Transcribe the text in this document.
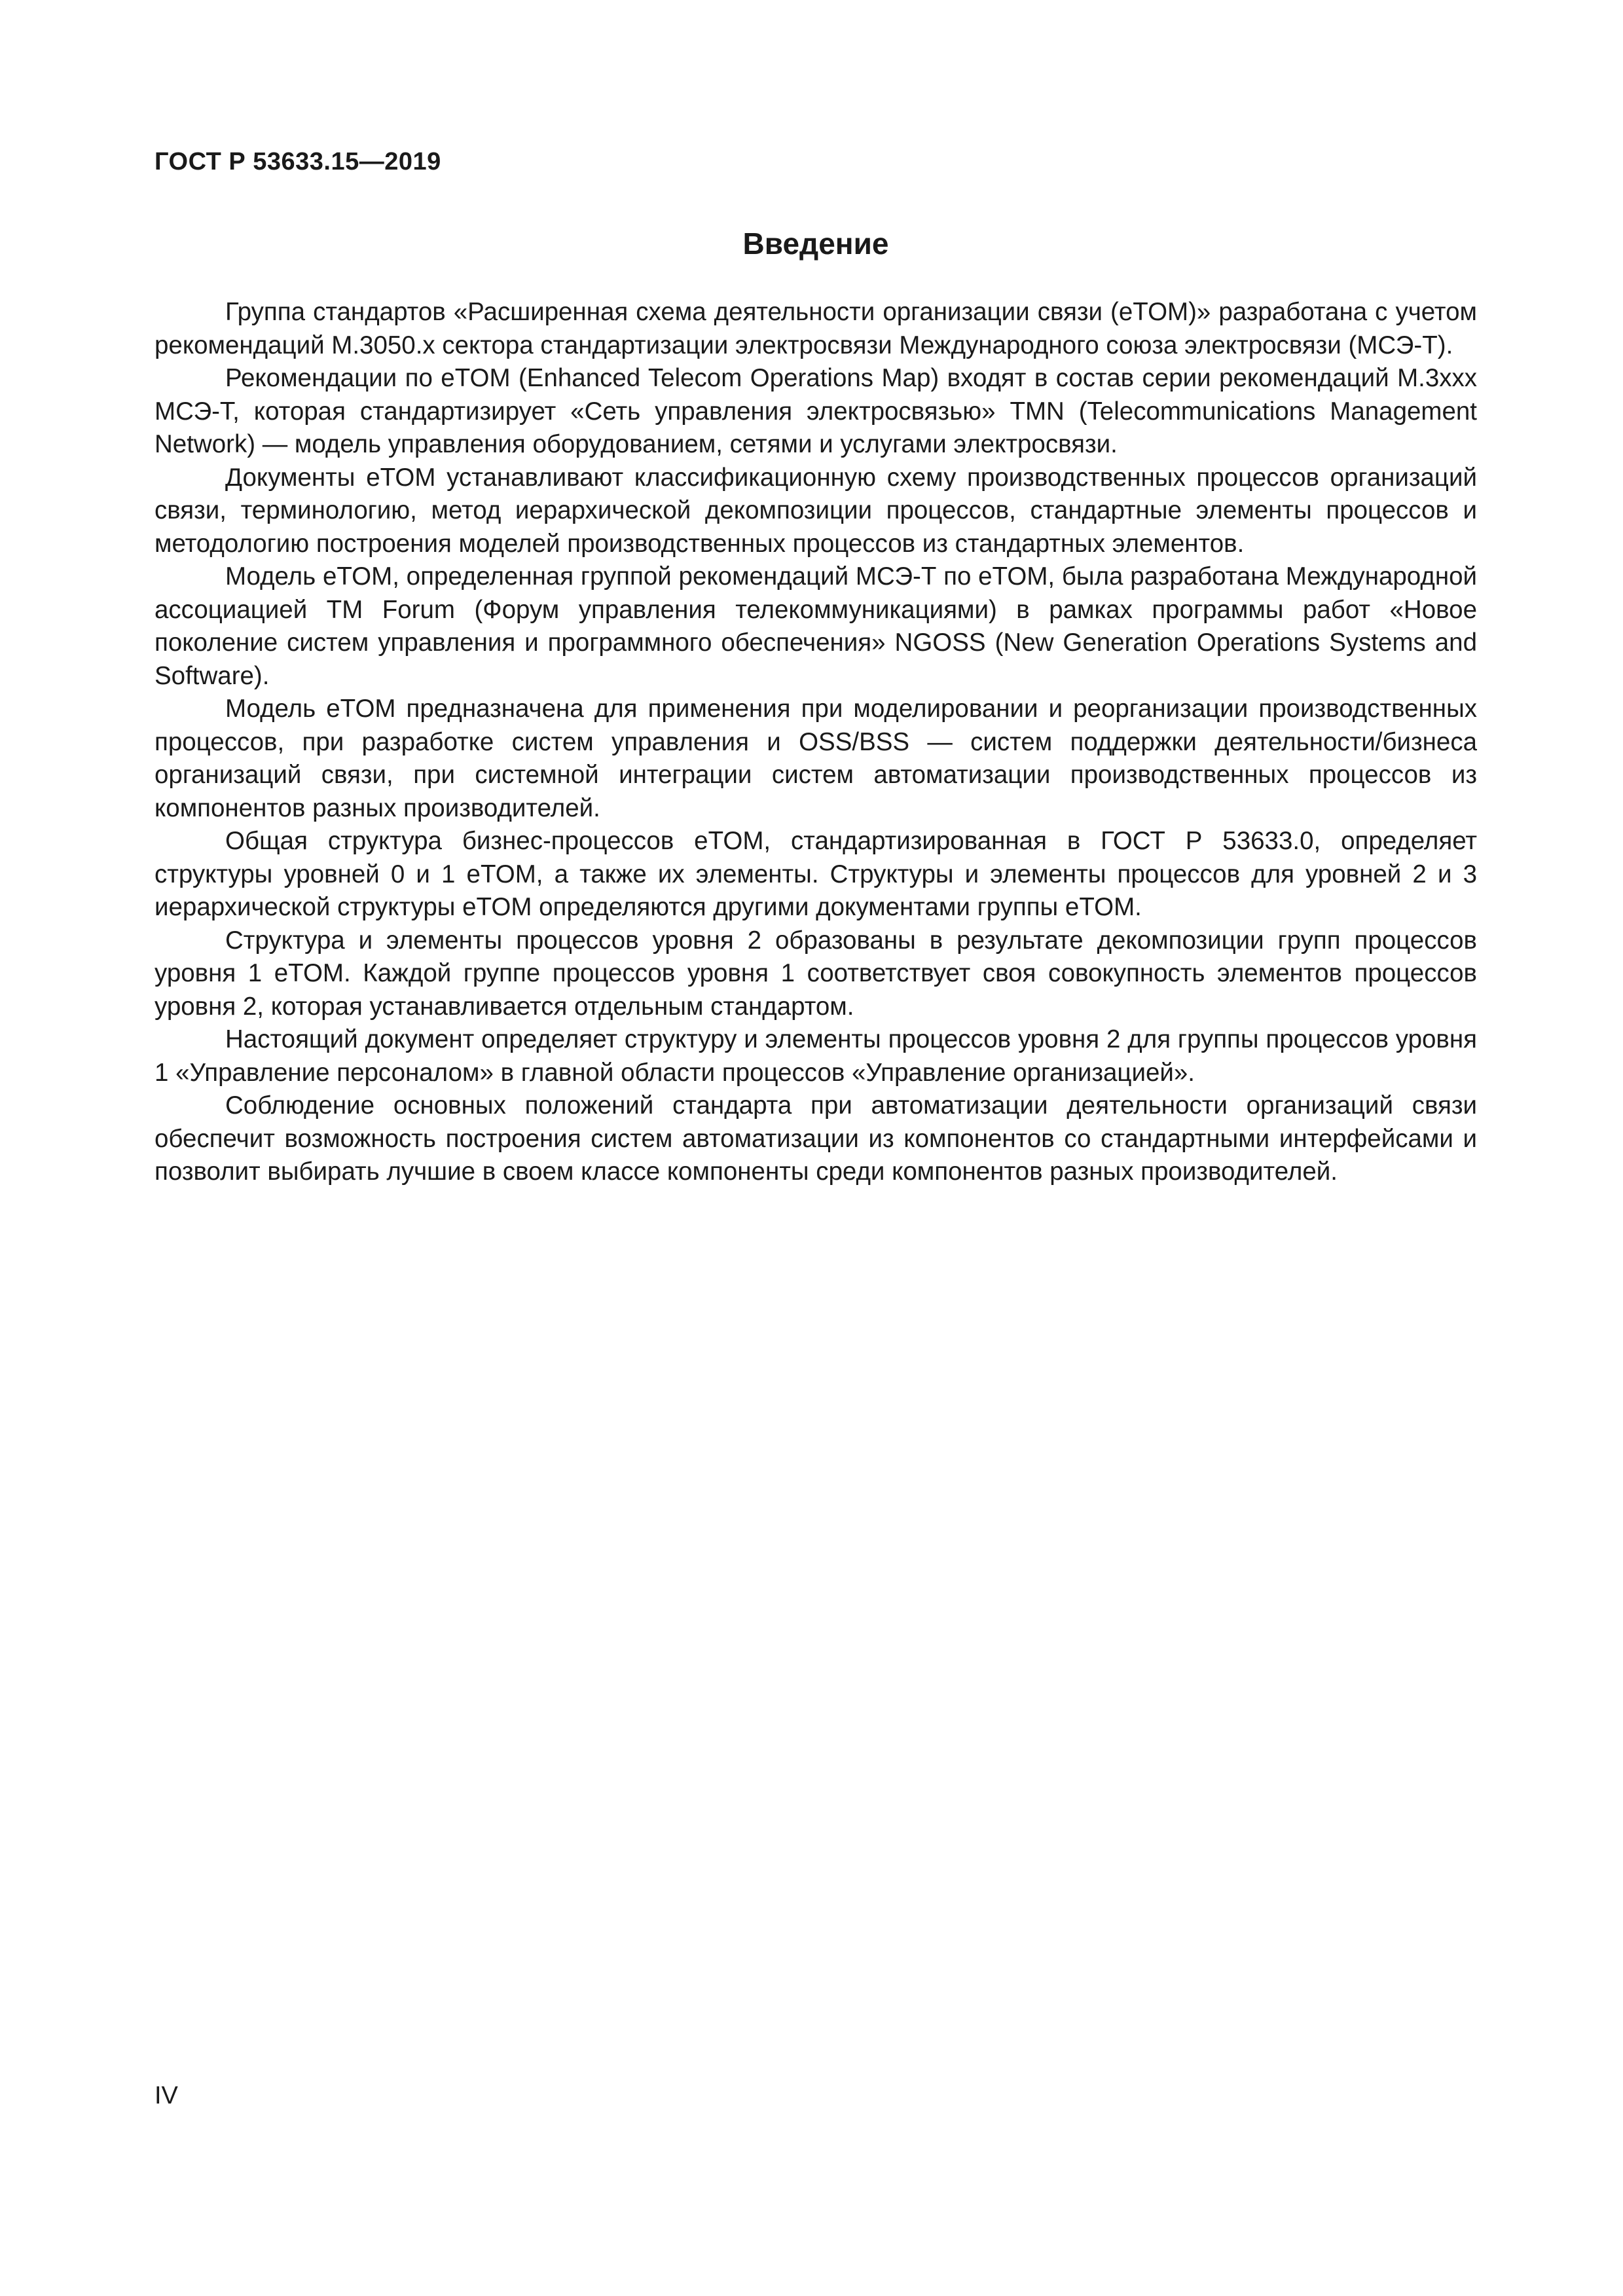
ГОСТ Р 53633.15—2019
Введение

Группа стандартов «Расширенная схема деятельности организации связи (eTOM)» разработана с учетом рекомендаций M.3050.x сектора стандартизации электросвязи Международного союза электросвязи (МСЭ-Т).

Рекомендации по eTOM (Enhanced Telecom Operations Map) входят в состав серии рекомендаций M.3xxx МСЭ-Т, которая стандартизирует «Сеть управления электросвязью» TMN (Telecommunications Management Network) — модель управления оборудованием, сетями и услугами электросвязи.

Документы eTOM устанавливают классификационную схему производственных процессов организаций связи, терминологию, метод иерархической декомпозиции процессов, стандартные элементы процессов и методологию построения моделей производственных процессов из стандартных элементов.

Модель eTOM, определенная группой рекомендаций МСЭ-Т по eTOM, была разработана Международной ассоциацией TM Forum (Форум управления телекоммуникациями) в рамках программы работ «Новое поколение систем управления и программного обеспечения» NGOSS (New Generation Operations Systems and Software).

Модель eTOM предназначена для применения при моделировании и реорганизации производственных процессов, при разработке систем управления и OSS/BSS — систем поддержки деятельности/бизнеса организаций связи, при системной интеграции систем автоматизации производственных процессов из компонентов разных производителей.

Общая структура бизнес-процессов eTOM, стандартизированная в ГОСТ Р 53633.0, определяет структуры уровней 0 и 1 eTOM, а также их элементы. Структуры и элементы процессов для уровней 2 и 3 иерархической структуры eTOM определяются другими документами группы eTOM.

Структура и элементы процессов уровня 2 образованы в результате декомпозиции групп процессов уровня 1 eTOM. Каждой группе процессов уровня 1 соответствует своя совокупность элементов процессов уровня 2, которая устанавливается отдельным стандартом.

Настоящий документ определяет структуру и элементы процессов уровня 2 для группы процессов уровня 1 «Управление персоналом» в главной области процессов «Управление организацией».

Соблюдение основных положений стандарта при автоматизации деятельности организаций связи обеспечит возможность построения систем автоматизации из компонентов со стандартными интерфейсами и позволит выбирать лучшие в своем классе компоненты среди компонентов разных производителей.

IV
